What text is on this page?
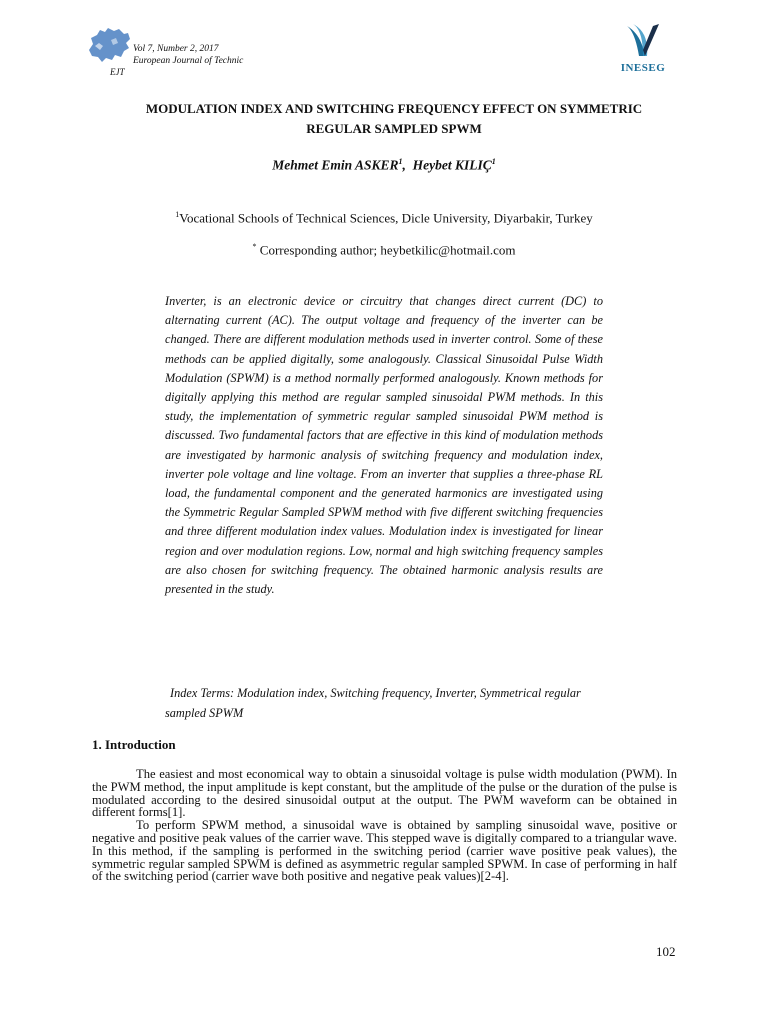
EJT
Vol 7, Number 2, 2017
European Journal of Technic
INESEG
MODULATION INDEX AND SWITCHING FREQUENCY EFFECT ON SYMMETRIC
REGULAR SAMPLED SPWM
Mehmet Emin ASKER$^1$, Heybet KILIÇ$^1$
$^1$Vocational Schools of Technical Sciences, Dicle University, Diyarbakir, Turkey
* Corresponding author; heybetkilic@hotmail.com

Inverter, is an electronic device or circuitry that changes direct current (DC) to alternating current (AC). The output voltage and frequency of the inverter can be changed. There are different modulation methods used in inverter control. Some of these methods can be applied digitally, some analogously. Classical Sinusoidal Pulse Width Modulation (SPWM) is a method normally performed analogously. Known methods for digitally applying this method are regular sampled sinusoidal PWM methods. In this study, the implementation of symmetric regular sampled sinusoidal PWM method is discussed. Two fundamental factors that are effective in this kind of modulation methods are investigated by harmonic analysis of switching frequency and modulation index, inverter pole voltage and line voltage. From an inverter that supplies a three-phase RL load, the fundamental component and the generated harmonics are investigated using the Symmetric Regular Sampled SPWM method with five different switching frequencies and three different modulation index values. Modulation index is investigated for linear region and over modulation regions. Low, normal and high switching frequency samples are also chosen for switching frequency. The obtained harmonic analysis results are presented in the study.

Index Terms: Modulation index, Switching frequency, Inverter, Symmetrical regular sampled SPWM

1. Introduction

The easiest and most economical way to obtain a sinusoidal voltage is pulse width modulation (PWM). In the PWM method, the input amplitude is kept constant, but the amplitude of the pulse or the duration of the pulse is modulated according to the desired sinusoidal output at the output. The PWM waveform can be obtained in different forms[1].

To perform SPWM method, a sinusoidal wave is obtained by sampling sinusoidal wave, positive or negative and positive peak values of the carrier wave. This stepped wave is digitally compared to a triangular wave. In this method, if the sampling is performed in the switching period (carrier wave positive peak values), the symmetric regular sampled SPWM is defined as asymmetric regular sampled SPWM. In case of performing in half of the switching period (carrier wave both positive and negative peak values)[2-4].

102
